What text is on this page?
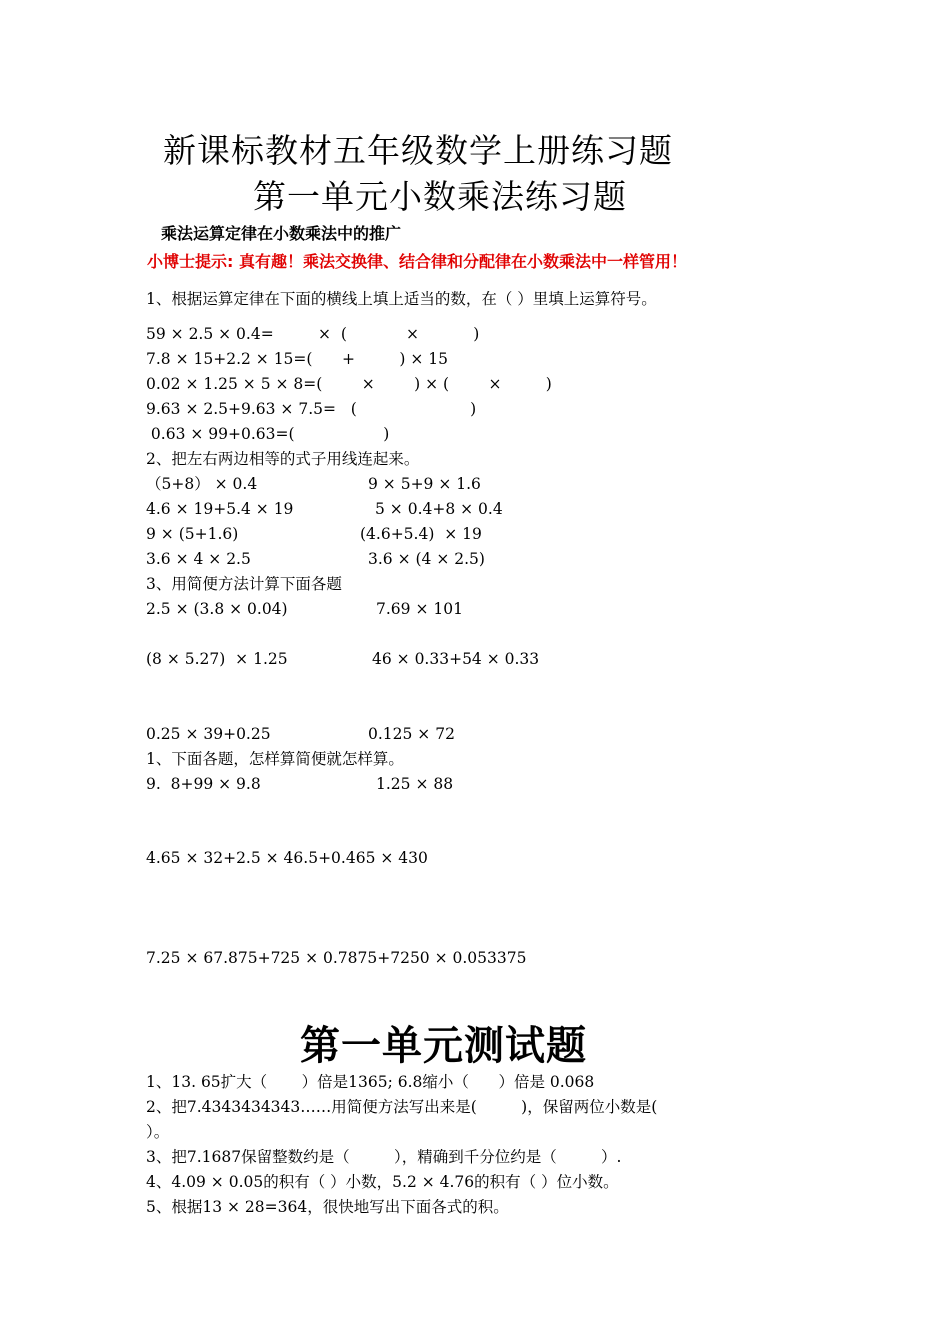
新课标教材五年级数学上册练习题
第一单元小数乘法练习题
乘法运算定律在小数乘法中的推广
小博士提示: 真有趣！乘法交换律、结合律和分配律在小数乘法中一样管用！
1、根据运算定律在下面的横线上填上适当的数，在（ ）里填上运算符号。
59 × 2.5 × 0.4=         ×  (            ×           )
7.8 × 15+2.2 × 15=(      +         ) × 15
0.02 × 1.25 × 5 × 8=(        ×        ) × (        ×         )
9.63 × 2.5+9.63 × 7.5=   (                       )
0.63 × 99+0.63=(                  )
2、把左右两边相等的式子用线连起来。
（5+8） × 0.4	9 × 5+9 × 1.6
4.6 × 19+5.4 × 19	5 × 0.4+8 × 0.4
9 × (5+1.6)	(4.6+5.4)  × 19
3.6 × 4 × 2.5	3.6 × (4 × 2.5)
3、用简便方法计算下面各题
2.5 × (3.8 × 0.04)	7.69 × 101
(8 × 5.27)  × 1.25	46 × 0.33+54 × 0.33
0.25 × 39+0.25	0.125 × 72
1、下面各题，怎样算简便就怎样算。
9.  8+99 × 9.8	1.25 × 88
4.65 × 32+2.5 × 46.5+0.465 × 430
7.25 × 67.875+725 × 0.7875+7250 × 0.053375
第一单元测试题
1、13. 65扩大（       ）倍是1365; 6.8缩小（      ）倍是 0.068
2、把7.4343434343……用简便方法写出来是(         )，保留两位小数是(
）。
3、把7.1687保留整数约是（         ），精确到千分位约是（         ）.
4、4.09 × 0.05的积有（ ）小数，5.2 × 4.76的积有（ ）位小数。
5、根据13 × 28=364，很快地写出下面各式的积。
